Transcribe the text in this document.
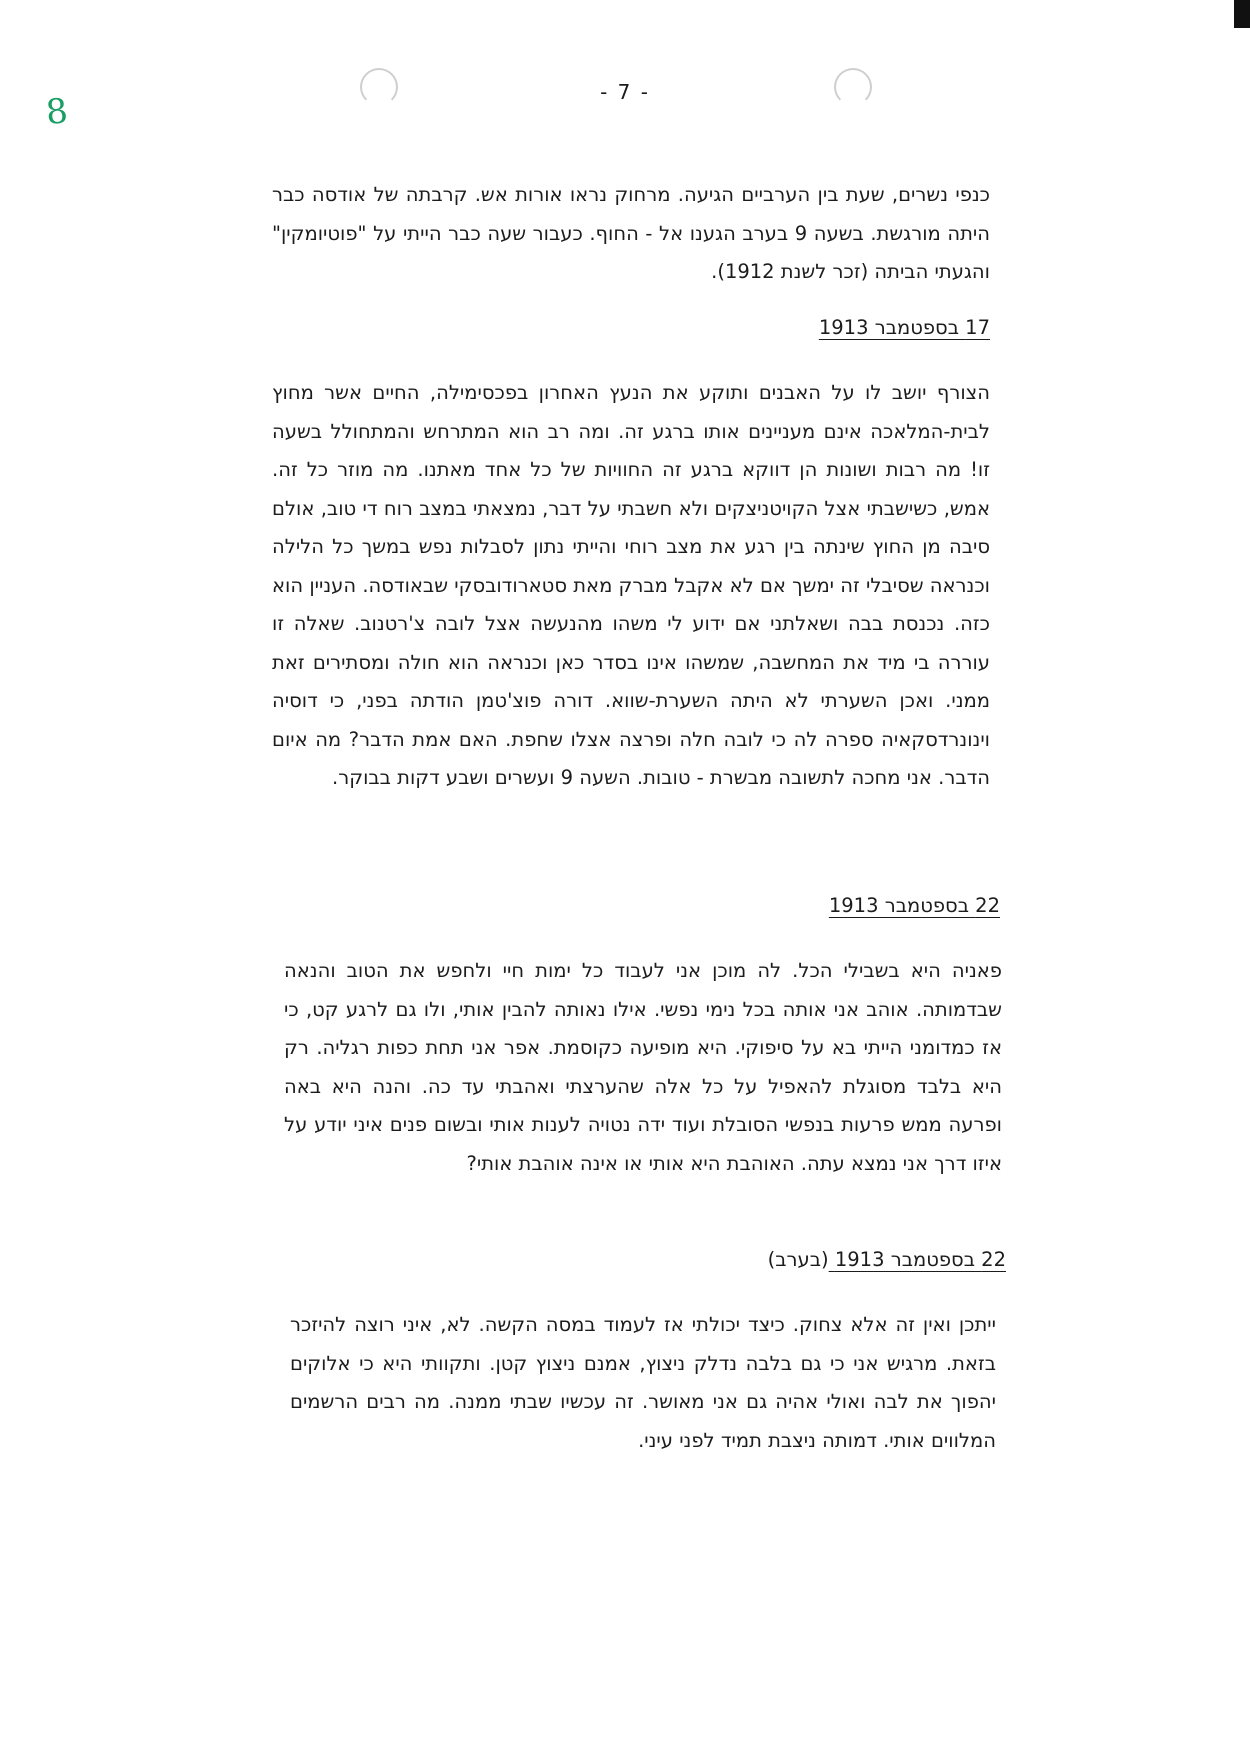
- 7 -
8

כנפי נשרים, שעת בין הערביים הגיעה. מרחוק נראו אורות אש. קרבתה של אודסה כבר היתה מורגשת. בשעה 9 בערב הגענו אל - החוף. כעבור שעה כבר הייתי על "פוטיומקין" והגעתי הביתה (זכר לשנת 1912).

17 בספטמבר 1913

הצורף יושב לו על האבנים ותוקע את הנעץ האחרון בפכסימילה, החיים אשר מחוץ לבית-המלאכה אינם מעניינים אותו ברגע זה. ומה רב הוא המתרחש והמתחולל בשעה זו! מה רבות ושונות הן דווקא ברגע זה החוויות של כל אחד מאתנו. מה מוזר כל זה. אמש, כשישבתי אצל הקויטניצקים ולא חשבתי על דבר, נמצאתי במצב רוח די טוב, אולם סיבה מן החוץ שינתה בין רגע את מצב רוחי והייתי נתון לסבלות נפש במשך כל הלילה וכנראה שסיבלי זה ימשך אם לא אקבל מברק מאת סטארודובסקי שבאודסה. העניין הוא כזה. נכנסת בבה ושאלתני אם ידוע לי משהו מהנעשה אצל לובה צ'רטנוב. שאלה זו עוררה בי מיד את המחשבה, שמשהו אינו בסדר כאן וכנראה הוא חולה ומסתירים זאת ממני. ואכן השערתי לא היתה השערת-שווא. דורה פוצ'טמן הודתה בפני, כי דוסיה וינונרדסקאיה ספרה לה כי לובה חלה ופרצה אצלו שחפת. האם אמת הדבר? מה איום הדבר. אני מחכה לתשובה מבשרת - טובות. השעה 9 ועשרים ושבע דקות בבוקר.

22 בספטמבר 1913

פאניה היא בשבילי הכל. לה מוכן אני לעבוד כל ימות חיי ולחפש את הטוב והנאה שבדמותה. אוהב אני אותה בכל נימי נפשי. אילו נאותה להבין אותי, ולו גם לרגע קט, כי אז כמדומני הייתי בא על סיפוקי. היא מופיעה כקוסמת. אפר אני תחת כפות רגליה. רק היא בלבד מסוגלת להאפיל על כל אלה שהערצתי ואהבתי עד כה. והנה היא באה ופרעה ממש פרעות בנפשי הסובלת ועוד ידה נטויה לענות אותי ובשום פנים איני יודע על איזו דרך אני נמצא עתה. האוהבת היא אותי או אינה אוהבת אותי?

22 בספטמבר 1913 (בערב)

ייתכן ואין זה אלא צחוק. כיצד יכולתי אז לעמוד במסה הקשה. לא, איני רוצה להיזכר בזאת. מרגיש אני כי גם בלבה נדלק ניצוץ, אמנם ניצוץ קטן. ותקוותי היא כי אלוקים יהפוך את לבה ואולי אהיה גם אני מאושר. זה עכשיו שבתי ממנה. מה רבים הרשמים המלווים אותי. דמותה ניצבת תמיד לפני עיני.
